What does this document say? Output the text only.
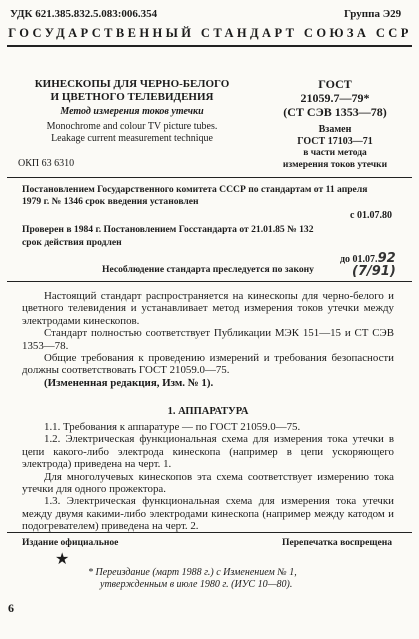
УДК 621.385.832.5.083:006.354	Группа Э29
ГОСУДАРСТВЕННЫЙ СТАНДАРТ СОЮЗА ССР
КИНЕСКОПЫ ДЛЯ ЧЕРНО-БЕЛОГО
И ЦВЕТНОГО ТЕЛЕВИДЕНИЯ
Метод измерения токов утечки
Monochrome and colour TV picture tubes.
Leakage current measurement technique
ОКП 63 6310
ГОСТ
21059.7—79*
(СТ СЭВ 1353—78)
Взамен
ГОСТ 17103—71
в части метода
измерения токов утечки
Постановлением Государственного комитета СССР по стандартам от 11 апреля
1979 г. № 1346 срок введения установлен
с 01.07.80
Проверен в 1984 г. Постановлением Госстандарта от 21.01.85 № 132
срок действия продлен
до 01.07.92
(7/91)
Несоблюдение стандарта преследуется по закону

Настоящий стандарт распространяется на кинескопы для черно-белого и цветного телевидения и устанавливает метод измерения токов утечки между электродами кинескопов.

Стандарт полностью соответствует Публикации МЭК 151—15 и СТ СЭВ 1353—78.

Общие требования к проведению измерений и требования безопасности должны соответствовать ГОСТ 21059.0—75.

(Измененная редакция, Изм. № 1).

1. АППАРАТУРА

1.1. Требования к аппаратуре — по ГОСТ 21059.0—75.

1.2. Электрическая функциональная схема для измерения тока утечки в цепи какого-либо электрода кинескопа (например в цепи ускоряющего электрода) приведена на черт. 1.

Для многолучевых кинескопов эта схема соответствует измерению тока утечки для одного прожектора.

1.3. Электрическая функциональная схема для измерения тока утечки между двумя какими-либо электродами кинескопа (например между катодом и подогревателем) приведена на черт. 2.

Издание официальное	Перепечатка воспрещена
★
* Переиздание (март 1988 г.) с Изменением № 1,
утвержденным в июле 1980 г. (ИУС 10—80).
6
